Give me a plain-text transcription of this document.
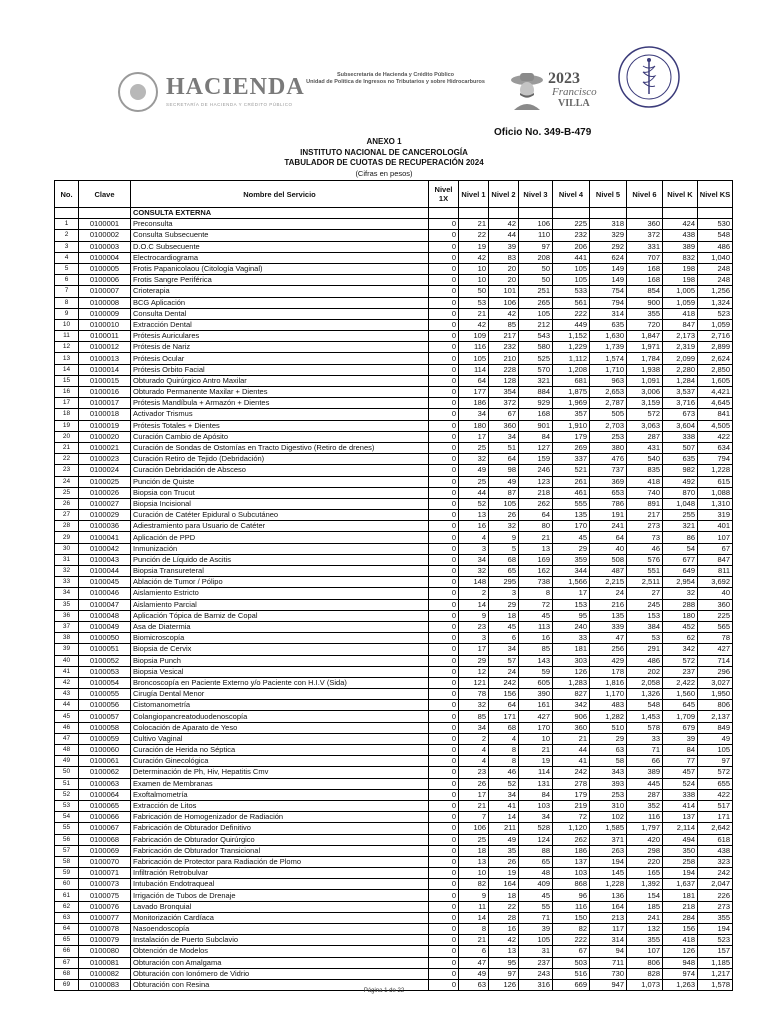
HACIENDA
SECRETARÍA DE HACIENDA Y CRÉDITO PÚBLICO
Subsecretaría de Hacienda y Crédito Público
Unidad de Política de Ingresos no Tributarios y sobre Hidrocarburos	2023
Francisco
VILLA
Oficio No. 349-B-479
ANEXO 1
INSTITUTO NACIONAL DE CANCEROLOGÍA
TABULADOR DE CUOTAS DE RECUPERACIÓN 2024
(Cifras en pesos)
No.	Clave	Nombre del Servicio	Nivel 1X	Nivel 1	Nivel 2	Nivel 3	Nivel 4	Nivel 5	Nivel 6	Nivel K	Nivel KS
		CONSULTA EXTERNA									
1	0100001	Preconsulta	0	21	42	106	225	318	360	424	530
2	0100002	Consulta Subsecuente	0	22	44	110	232	329	372	438	548
3	0100003	D.O.C Subsecuente	0	19	39	97	206	292	331	389	486
4	0100004	Electrocardiograma	0	42	83	208	441	624	707	832	1,040
5	0100005	Frotis Papanicolaou (Citología Vaginal)	0	10	20	50	105	149	168	198	248
6	0100006	Frotis Sangre Periférica	0	10	20	50	105	149	168	198	248
7	0100007	Crioterapia	0	50	101	251	533	754	854	1,005	1,256
8	0100008	BCG Aplicación	0	53	106	265	561	794	900	1,059	1,324
9	0100009	Consulta Dental	0	21	42	105	222	314	355	418	523
10	0100010	Extracción Dental	0	42	85	212	449	635	720	847	1,059
11	0100011	Prótesis Auriculares	0	109	217	543	1,152	1,630	1,847	2,173	2,716
12	0100012	Prótesis de Nariz	0	116	232	580	1,229	1,739	1,971	2,319	2,899
13	0100013	Prótesis Ocular	0	105	210	525	1,112	1,574	1,784	2,099	2,624
14	0100014	Prótesis Orbito Facial	0	114	228	570	1,208	1,710	1,938	2,280	2,850
15	0100015	Obturado Quirúrgico Antro Maxilar	0	64	128	321	681	963	1,091	1,284	1,605
16	0100016	Obturado Permanente Maxilar + Dientes	0	177	354	884	1,875	2,653	3,006	3,537	4,421
17	0100017	Prótesis Mandíbula + Armazón + Dientes	0	186	372	929	1,969	2,787	3,159	3,716	4,645
18	0100018	Activador Trismus	0	34	67	168	357	505	572	673	841
19	0100019	Prótesis Totales + Dientes	0	180	360	901	1,910	2,703	3,063	3,604	4,505
20	0100020	Curación Cambio de Apósito	0	17	34	84	179	253	287	338	422
21	0100021	Curación de Sondas de Ostomías en Tracto Digestivo (Retiro de drenes)	0	25	51	127	269	380	431	507	634
22	0100023	Curación Retiro de Tejido (Debridación)	0	32	64	159	337	476	540	635	794
23	0100024	Curación Debridación de Absceso	0	49	98	246	521	737	835	982	1,228
24	0100025	Punción de Quiste	0	25	49	123	261	369	418	492	615
25	0100026	Biopsia con Trucut	0	44	87	218	461	653	740	870	1,088
26	0100027	Biopsia Incisional	0	52	105	262	555	786	891	1,048	1,310
27	0100029	Curación de Catéter Epidural o Subcutáneo	0	13	26	64	135	191	217	255	319
28	0100036	Adiestramiento para Usuario de Catéter	0	16	32	80	170	241	273	321	401
29	0100041	Aplicación de PPD	0	4	9	21	45	64	73	86	107
30	0100042	Inmunización	0	3	5	13	29	40	46	54	67
31	0100043	Punción de Líquido de Ascitis	0	34	68	169	359	508	576	677	847
32	0100044	Biopsia Transureteral	0	32	65	162	344	487	551	649	811
33	0100045	Ablación de Tumor / Pólipo	0	148	295	738	1,566	2,215	2,511	2,954	3,692
34	0100046	Aislamiento Estricto	0	2	3	8	17	24	27	32	40
35	0100047	Aislamiento Parcial	0	14	29	72	153	216	245	288	360
36	0100048	Aplicación Tópica de Barniz de Copal	0	9	18	45	95	135	153	180	225
37	0100049	Asa de Diatermia	0	23	45	113	240	339	384	452	565
38	0100050	Biomicroscopía	0	3	6	16	33	47	53	62	78
39	0100051	Biopsia de Cervix	0	17	34	85	181	256	291	342	427
40	0100052	Biopsia Punch	0	29	57	143	303	429	486	572	714
41	0100053	Biopsia Vesical	0	12	24	59	126	178	202	237	296
42	0100054	Broncoscopía en Paciente Externo y/o Paciente con H.I.V (Sida)	0	121	242	605	1,283	1,816	2,058	2,422	3,027
43	0100055	Cirugía Dental Menor	0	78	156	390	827	1,170	1,326	1,560	1,950
44	0100056	Cistomanometría	0	32	64	161	342	483	548	645	806
45	0100057	Colangiopancreatoduodenoscopía	0	85	171	427	906	1,282	1,453	1,709	2,137
46	0100058	Colocación de Aparato de Yeso	0	34	68	170	360	510	578	679	849
47	0100059	Cultivo Vaginal	0	2	4	10	21	29	33	39	49
48	0100060	Curación de Herida no Séptica	0	4	8	21	44	63	71	84	105
49	0100061	Curación Ginecológica	0	4	8	19	41	58	66	77	97
50	0100062	Determinación de Ph, Hiv, Hepatitis Cmv	0	23	46	114	242	343	389	457	572
51	0100063	Examen de Membranas	0	26	52	131	278	393	445	524	655
52	0100064	Exoftalmometría	0	17	34	84	179	253	287	338	422
53	0100065	Extracción de Litos	0	21	41	103	219	310	352	414	517
54	0100066	Fabricación de Homogenizador de Radiación	0	7	14	34	72	102	116	137	171
55	0100067	Fabricación de Obturador Definitivo	0	106	211	528	1,120	1,585	1,797	2,114	2,642
56	0100068	Fabricación de Obturador Quirúrgico	0	25	49	124	262	371	420	494	618
57	0100069	Fabricación de Obturador Transicional	0	18	35	88	186	263	298	350	438
58	0100070	Fabricación de Protector para Radiación de Plomo	0	13	26	65	137	194	220	258	323
59	0100071	Infiltración Retrobulvar	0	10	19	48	103	145	165	194	242
60	0100073	Intubación Endotraqueal	0	82	164	409	868	1,228	1,392	1,637	2,047
61	0100075	Irrigación de Tubos de Drenaje	0	9	18	45	96	136	154	181	226
62	0100076	Lavado Bronquial	0	11	22	55	116	164	185	218	273
63	0100077	Monitorización Cardíaca	0	14	28	71	150	213	241	284	355
64	0100078	Nasoendoscopía	0	8	16	39	82	117	132	156	194
65	0100079	Instalación de Puerto Subclavio	0	21	42	105	222	314	355	418	523
66	0100080	Obtención de Modelos	0	6	13	31	67	94	107	126	157
67	0100081	Obturación con Amalgama	0	47	95	237	503	711	806	948	1,185
68	0100082	Obturación con Ionómero de Vidrio	0	49	97	243	516	730	828	974	1,217
69	0100083	Obturación con Resina	0	63	126	316	669	947	1,073	1,263	1,578
Página 1 de 22
